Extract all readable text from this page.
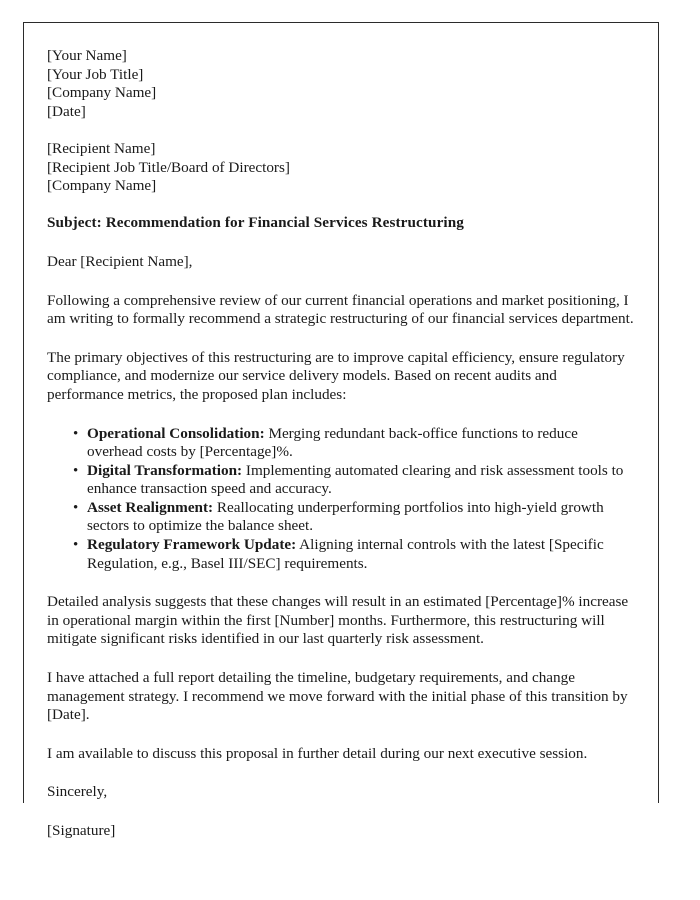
[Your Name]
[Your Job Title]
[Company Name]
[Date]
[Recipient Name]
[Recipient Job Title/Board of Directors]
[Company Name]
Subject: Recommendation for Financial Services Restructuring
Dear [Recipient Name],

Following a comprehensive review of our current financial operations and market positioning, I am writing to formally recommend a strategic restructuring of our financial services department.

The primary objectives of this restructuring are to improve capital efficiency, ensure regulatory compliance, and modernize our service delivery models. Based on recent audits and performance metrics, the proposed plan includes:

• Operational Consolidation: Merging redundant back-office functions to reduce overhead costs by [Percentage]%.
• Digital Transformation: Implementing automated clearing and risk assessment tools to enhance transaction speed and accuracy.
• Asset Realignment: Reallocating underperforming portfolios into high-yield growth sectors to optimize the balance sheet.
• Regulatory Framework Update: Aligning internal controls with the latest [Specific Regulation, e.g., Basel III/SEC] requirements.

Detailed analysis suggests that these changes will result in an estimated [Percentage]% increase in operational margin within the first [Number] months. Furthermore, this restructuring will mitigate significant risks identified in our last quarterly risk assessment.

I have attached a full report detailing the timeline, budgetary requirements, and change management strategy. I recommend we move forward with the initial phase of this transition by [Date].

I am available to discuss this proposal in further detail during our next executive session.

Sincerely,
[Signature]
